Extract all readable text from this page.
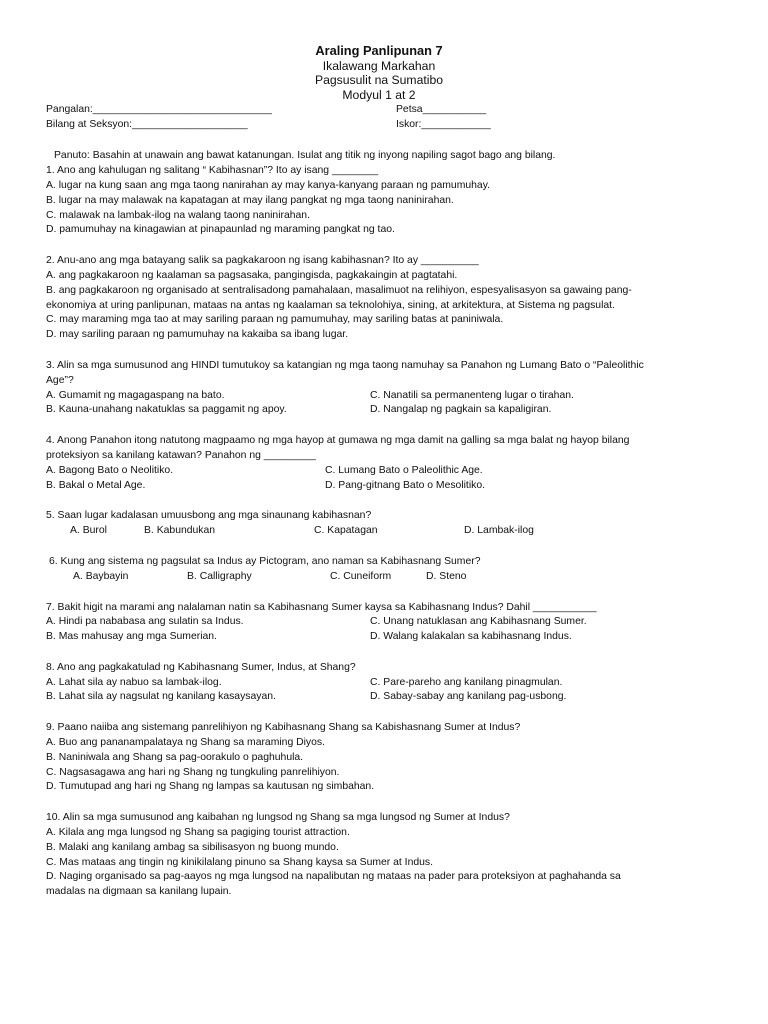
Araling Panlipunan 7
Ikalawang Markahan
Pagsusulit na Sumatibo
Modyul 1 at 2
Pangalan:_______________________________	Petsa___________
Bilang at Seksyon:____________________	Iskor:____________
Panuto: Basahin at unawain ang bawat katanungan. Isulat ang titik ng inyong napiling sagot bago ang bilang.
1. Ano ang kahulugan ng salitang “ Kabihasnan”? Ito ay isang ________
A. lugar na kung saan ang mga taong nanirahan ay may kanya-kanyang paraan ng pamumuhay.
B. lugar na may malawak na kapatagan at may ilang pangkat ng mga taong naninirahan.
C. malawak na lambak-ilog na walang taong naninirahan.
D. pamumuhay na kinagawian at pinapaunlad ng maraming pangkat ng tao.
2. Anu-ano ang mga batayang salik sa pagkakaroon ng isang kabihasnan? Ito ay __________
A. ang pagkakaroon ng kaalaman sa pagsasaka, pangingisda, pagkakaingin at pagtatahi.
B. ang pagkakaroon ng organisado at sentralisadong pamahalaan, masalimuot na relihiyon, espesyalisasyon sa gawaing pang-
ekonomiya at uring panlipunan, mataas na antas ng kaalaman sa teknolohiya, sining, at arkitektura, at Sistema ng pagsulat.
C. may maraming mga tao at may sariling paraan ng pamumuhay, may sariling batas at paniniwala.
D. may sariling paraan ng pamumuhay na kakaiba sa ibang lugar.
3. Alin sa mga sumusunod ang HINDI tumutukoy sa katangian ng mga taong namuhay sa Panahon ng Lumang Bato o “Paleolithic
Age”?
A. Gumamit ng magagaspang na bato.	C. Nanatili sa permanenteng lugar o tirahan.
B. Kauna-unahang nakatuklas sa paggamit ng apoy.	D. Nangalap ng pagkain sa kapaligiran.
4. Anong Panahon itong natutong magpaamo ng mga hayop at gumawa ng mga damit na galling sa mga balat ng hayop bilang
proteksiyon sa kanilang katawan? Panahon ng _________
A. Bagong Bato o Neolitiko.	C. Lumang Bato o Paleolithic Age.
B. Bakal o Metal Age.	D. Pang-gitnang Bato o Mesolitiko.
5. Saan lugar kadalasan umuusbong ang mga sinaunang kabihasnan?
A. Burol	B. Kabundukan	C. Kapatagan	D. Lambak-ilog
6. Kung ang sistema ng pagsulat sa Indus ay Pictogram, ano naman sa Kabihasnang Sumer?
A. Baybayin	B. Calligraphy	C. Cuneiform	D. Steno
7. Bakit higit na marami ang nalalaman natin sa Kabihasnang Sumer kaysa sa Kabihasnang Indus? Dahil ___________
A. Hindi pa nababasa ang sulatin sa Indus.	C. Unang natuklasan ang Kabihasnang Sumer.
B. Mas mahusay ang mga Sumerian.	D. Walang kalakalan sa kabihasnang Indus.
8. Ano ang pagkakatulad ng Kabihasnang Sumer, Indus, at Shang?
A. Lahat sila ay nabuo sa lambak-ilog.	C. Pare-pareho ang kanilang pinagmulan.
B. Lahat sila ay nagsulat ng kanilang kasaysayan.	D. Sabay-sabay ang kanilang pag-usbong.
9. Paano naiiba ang sistemang panrelihiyon ng Kabihasnang Shang sa Kabishasnang Sumer at Indus?
A. Buo ang pananampalataya ng Shang sa maraming Diyos.
B. Naniniwala ang Shang sa pag-oorakulo o paghuhula.
C. Nagsasagawa ang hari ng Shang ng tungkuling panrelihiyon.
D. Tumutupad ang hari ng Shang ng lampas sa kautusan ng simbahan.
10. Alin sa mga sumusunod ang kaibahan ng lungsod ng Shang sa mga lungsod ng Sumer at Indus?
A. Kilala ang mga lungsod ng Shang sa pagiging tourist attraction.
B. Malaki ang kanilang ambag sa sibilisasyon ng buong mundo.
C. Mas mataas ang tingin ng kinikilalang pinuno sa Shang kaysa sa Sumer at Indus.
D. Naging organisado sa pag-aayos ng mga lungsod na napalibutan ng mataas na pader para proteksiyon at paghahanda sa
madalas na digmaan sa kanilang lupain.
